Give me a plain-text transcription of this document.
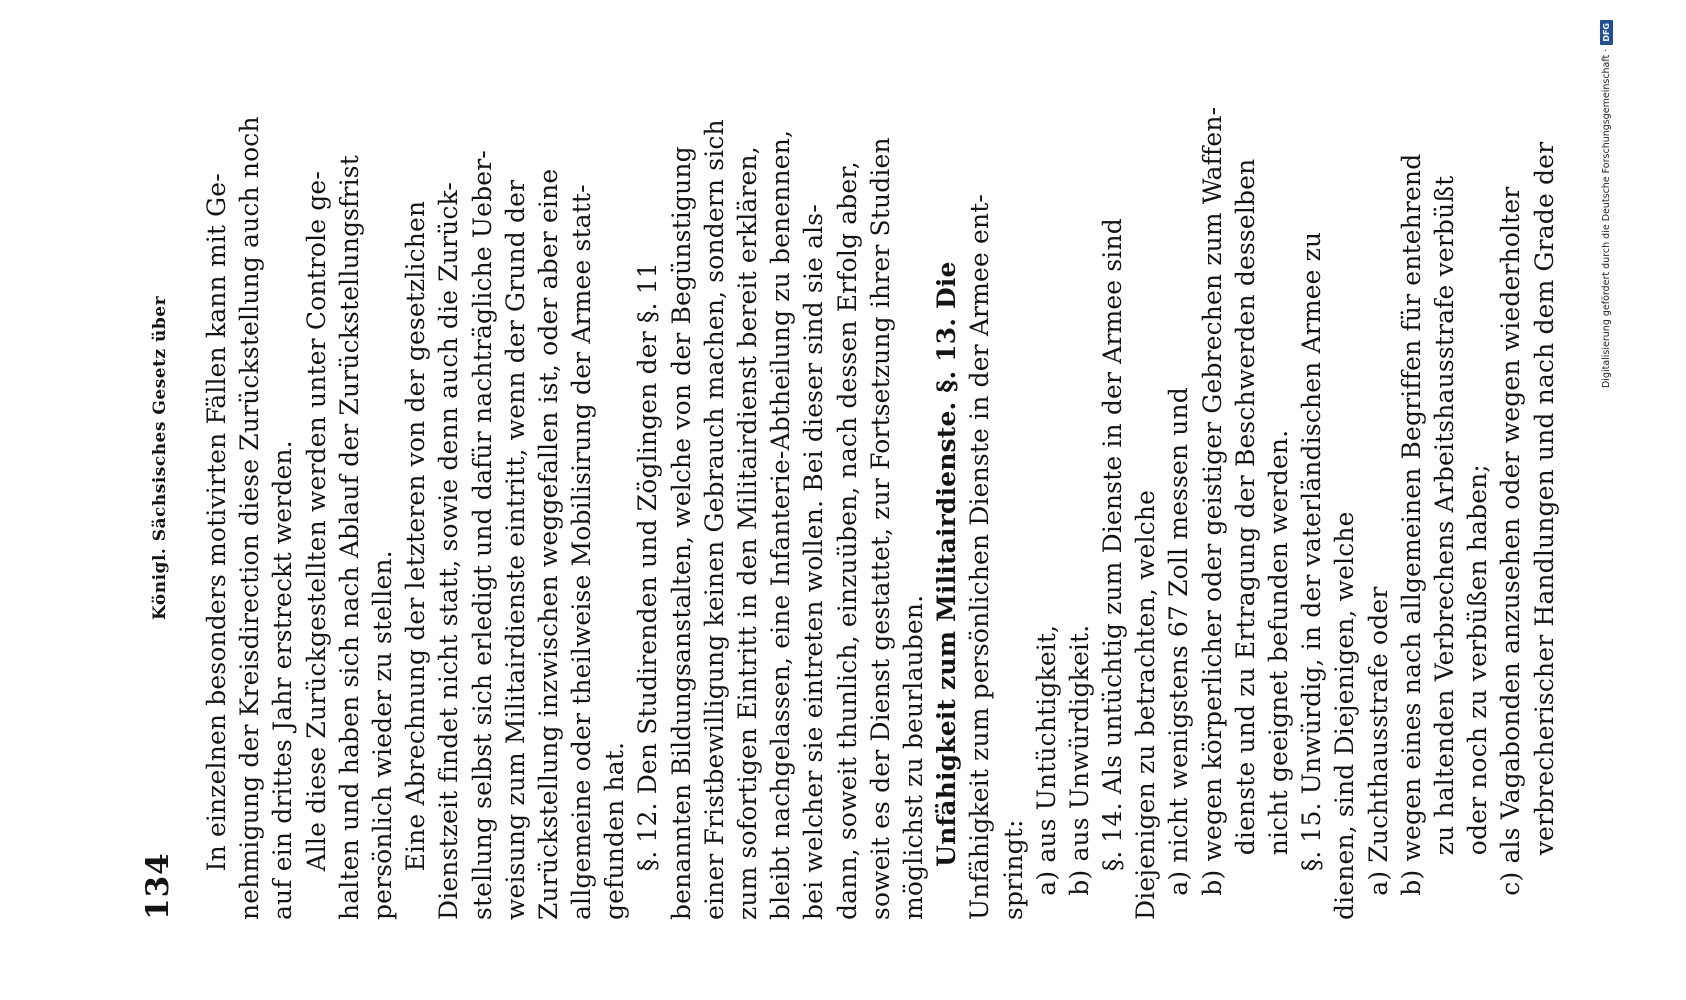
134
Königl. Sächsisches Gesetz über In einzelnen besonders motivirten Fällen kann mit Ge- nehmigung der Kreisdirection diese Zurückstellung auch noch auf ein drittes Jahr erstreckt werden. Alle diese Zurückgestellten werden unter Controle ge- halten und haben sich nach Ablauf der Zurückstellungsfrist persönlich wieder zu stellen. Eine Abrechnung der letzteren von der gesetzlichen Dienstzeit findet nicht statt, sowie denn auch die Zurück- stellung selbst sich erledigt und dafür nachträgliche Ueber- weisung zum Militairdienste eintritt, wenn der Grund der Zurückstellung inzwischen weggefallen ist, oder aber eine allgemeine oder theilweise Mobilisirung der Armee statt- gefunden hat. §. 12. Den Studirenden und Zöglingen der §. 11 benannten Bildungsanstalten, welche von der Begünstigung einer Fristbewilligung keinen Gebrauch machen, sondern sich zum sofortigen Eintritt in den Militairdienst bereit erklären, bleibt nachgelassen, eine Infanterie-Abtheilung zu benennen, bei welcher sie eintreten wollen. Bei dieser sind sie als- dann, soweit thunlich, einzuüben, nach dessen Erfolg aber, soweit es der Dienst gestattet, zur Fortsetzung ihrer Studien möglichst zu beurlauben. Unfähigkeit zum Militairdienste. §. 13. Die Unfähigkeit zum persönlichen Dienste in der Armee ent- springt: a) aus Untüchtigkeit, b) aus Unwürdigkeit. §. 14. Als untüchtig zum Dienste in der Armee sind Diejenigen zu betrachten, welche a) nicht wenigstens 67 Zoll messen und b) wegen körperlicher oder geistiger Gebrechen zum Waffen- dienste und zu Ertragung der Beschwerden desselben nicht geeignet befunden werden. §. 15. Unwürdig, in der vaterländischen Armee zu dienen, sind Diejenigen, welche a) Zuchthausstrafe oder b) wegen eines nach allgemeinen Begriffen für entehrend zu haltenden Verbrechens Arbeitshausstrafe verbüßt oder noch zu verbüßen haben; c) als Vagabonden anzusehen oder wegen wiederholter verbrecherischer Handlungen und nach dem Grade der	Digitalisierung gefördert durch die Deutsche Forschungsgemeinschaft ·DFG
